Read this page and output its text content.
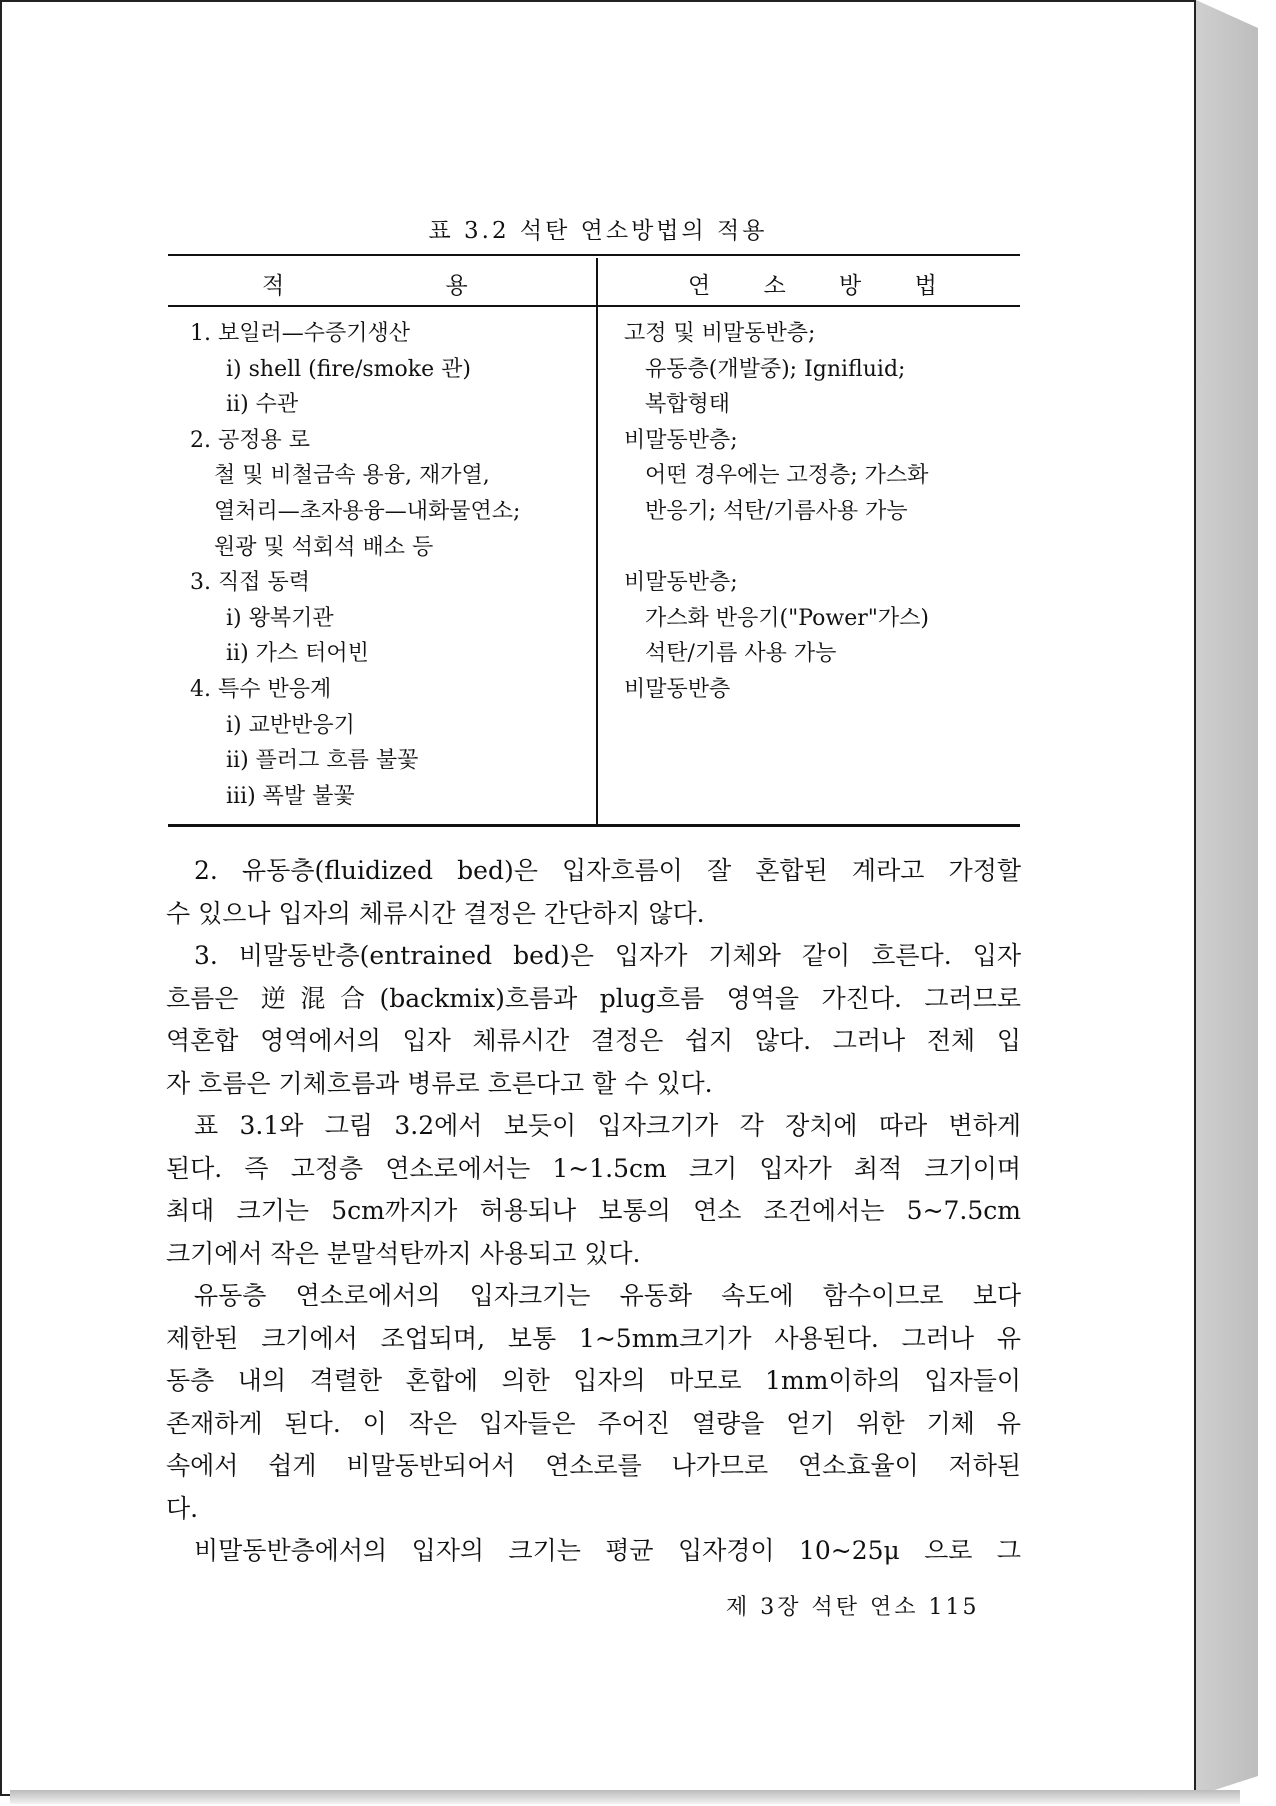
표 3.2 석탄 연소방법의 적용
적 용	연 소 방 법
1. 보일러—수증기생산
i) shell (fire/smoke 관)
ii) 수관
2. 공정용 로
철 및 비철금속 용융, 재가열,
열처리—초자용융—내화물연소;
원광 및 석회석 배소 등
3. 직접 동력
i) 왕복기관
ii) 가스 터어빈
4. 특수 반응계
i) 교반반응기
ii) 플러그 흐름 불꽃
iii) 폭발 불꽃
고정 및 비말동반층;
유동층(개발중); Ignifluid;
복합형태
비말동반층;
어떤 경우에는 고정층; 가스화
반응기; 석탄/기름사용 가능
비말동반층;
가스화 반응기("Power"가스)
석탄/기름 사용 가능
비말동반층

2. 유동층(fluidized bed)은 입자흐름이 잘 혼합된 계라고 가정할

수 있으나 입자의 체류시간 결정은 간단하지 않다.

3. 비말동반층(entrained bed)은 입자가 기체와 같이 흐른다. 입자

흐름은 逆混合(backmix)흐름과 plug흐름 영역을 가진다. 그러므로

역혼합 영역에서의 입자 체류시간 결정은 쉽지 않다. 그러나 전체 입

자 흐름은 기체흐름과 병류로 흐른다고 할 수 있다.

표 3.1와 그림 3.2에서 보듯이 입자크기가 각 장치에 따라 변하게

된다. 즉 고정층 연소로에서는 1~1.5cm 크기 입자가 최적 크기이며

최대 크기는 5cm까지가 허용되나 보통의 연소 조건에서는 5~7.5cm

크기에서 작은 분말석탄까지 사용되고 있다.

유동층 연소로에서의 입자크기는 유동화 속도에 함수이므로 보다

제한된 크기에서 조업되며, 보통 1~5mm크기가 사용된다. 그러나 유

동층 내의 격렬한 혼합에 의한 입자의 마모로 1mm이하의 입자들이

존재하게 된다. 이 작은 입자들은 주어진 열량을 얻기 위한 기체 유

속에서 쉽게 비말동반되어서 연소로를 나가므로 연소효율이 저하된

다.

비말동반층에서의 입자의 크기는 평균 입자경이 10~25μ 으로 그

제 3장 석탄 연소 115
